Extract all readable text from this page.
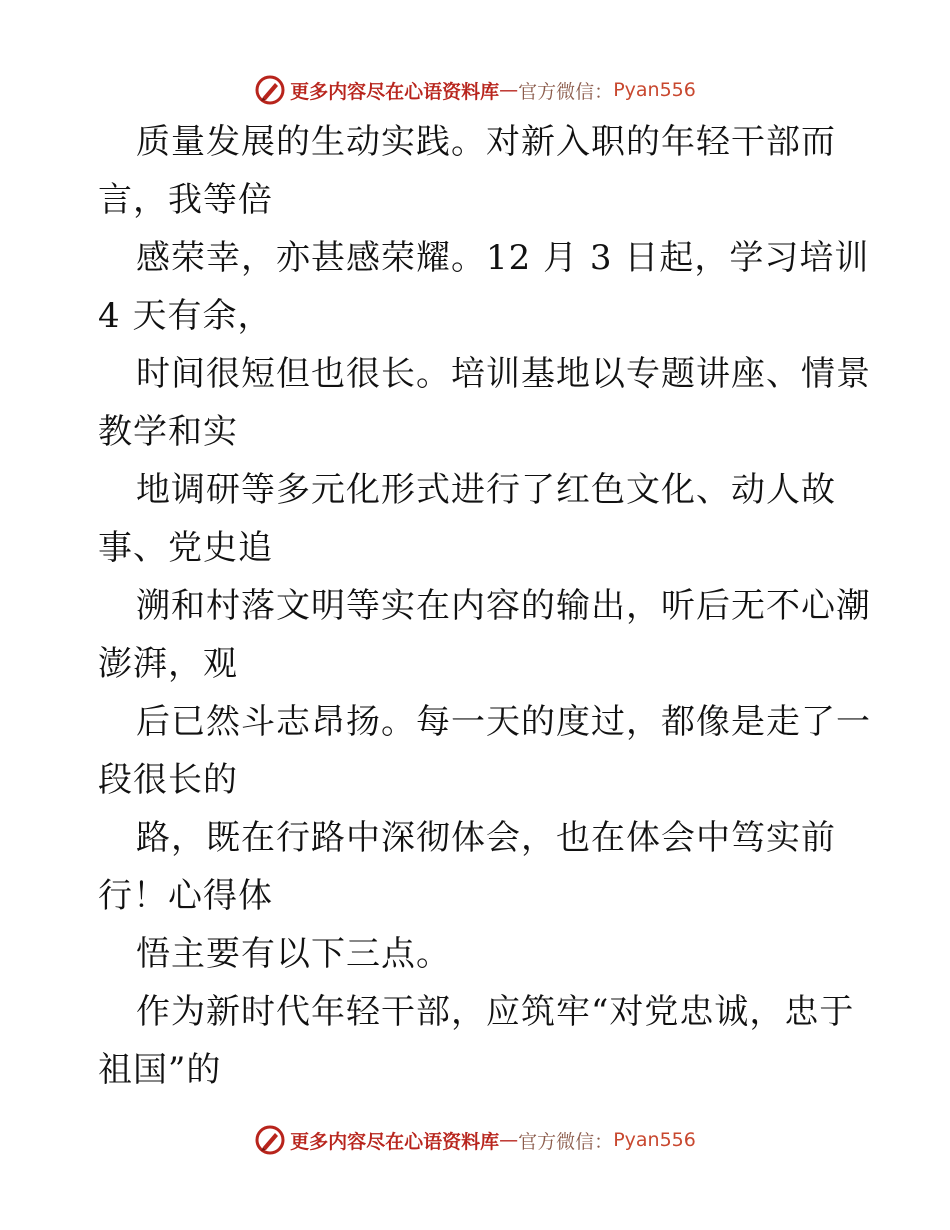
更多内容尽在心语资料库 — 官方微信： Pyan556
质量发展的生动实践。对新入职的年轻干部而
言，我等倍
感荣幸，亦甚感荣耀。12 月 3 日起，学习培训
4 天有余，
时间很短但也很长。培训基地以专题讲座、情景
教学和实
地调研等多元化形式进行了红色文化、动人故
事、党史追
溯和村落文明等实在内容的输出，听后无不心潮
澎湃，观
后已然斗志昂扬。每一天的度过，都像是走了一
段很长的
路，既在行路中深彻体会，也在体会中笃实前
行！心得体
悟主要有以下三点。
作为新时代年轻干部，应筑牢“对党忠诚，忠于
祖国”的
更多内容尽在心语资料库 — 官方微信： Pyan556
